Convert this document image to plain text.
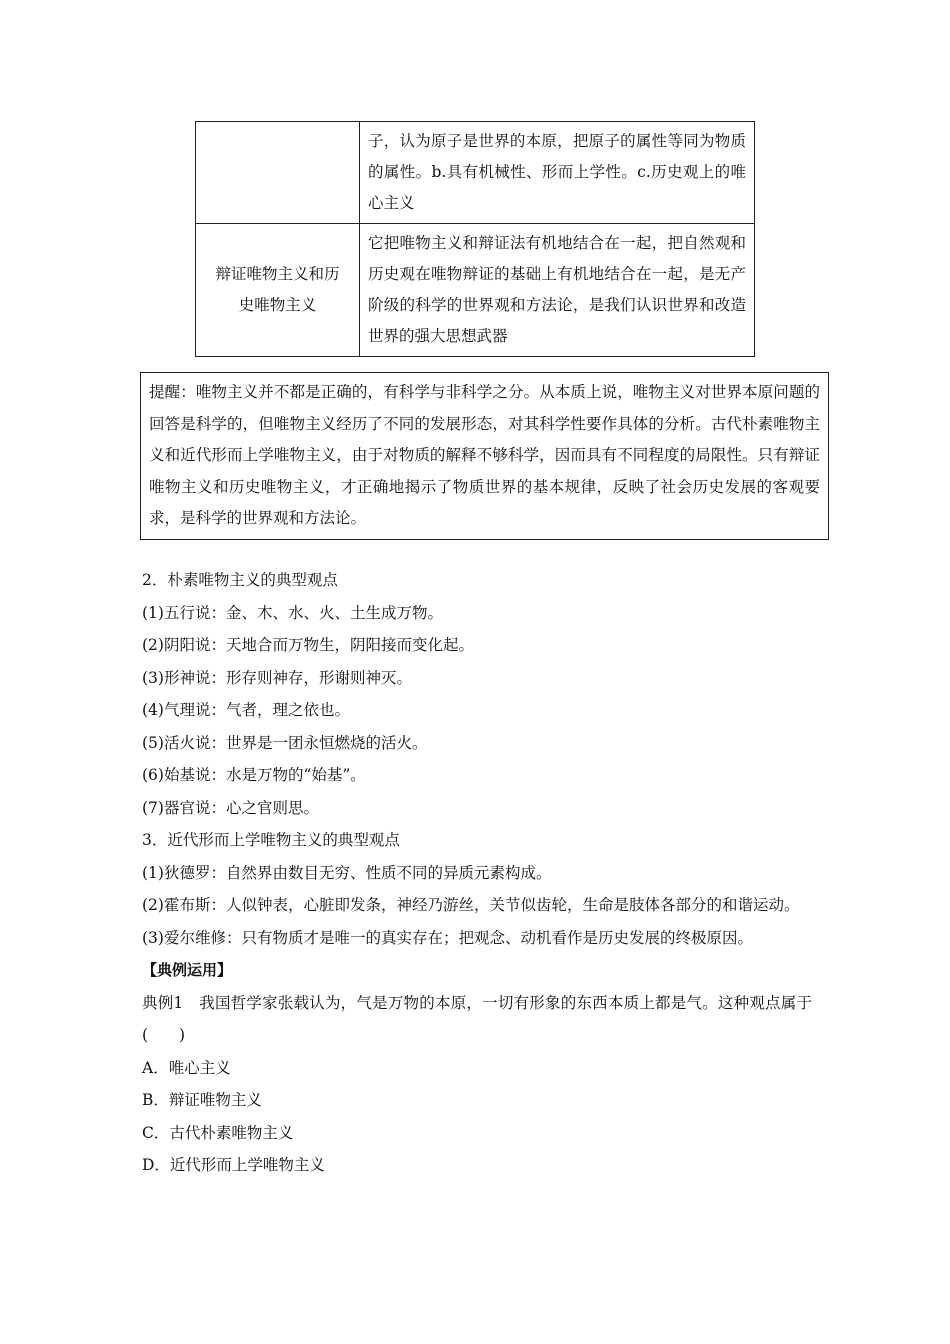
	子，认为原子是世界的本原，把原子的属性等同为物质的属性。b.具有机械性、形而上学性。c.历史观上的唯心主义
辩证唯物主义和历史唯物主义	它把唯物主义和辩证法有机地结合在一起，把自然观和历史观在唯物辩证的基础上有机地结合在一起，是无产阶级的科学的世界观和方法论，是我们认识世界和改造世界的强大思想武器
提醒：唯物主义并不都是正确的，有科学与非科学之分。从本质上说，唯物主义对世界本原问题的回答是科学的，但唯物主义经历了不同的发展形态，对其科学性要作具体的分析。古代朴素唯物主义和近代形而上学唯物主义，由于对物质的解释不够科学，因而具有不同程度的局限性。只有辩证唯物主义和历史唯物主义，才正确地揭示了物质世界的基本规律，反映了社会历史发展的客观要求，是科学的世界观和方法论。

2．朴素唯物主义的典型观点

(1)五行说：金、木、水、火、土生成万物。

(2)阴阳说：天地合而万物生，阴阳接而变化起。

(3)形神说：形存则神存，形谢则神灭。

(4)气理说：气者，理之依也。

(5)活火说：世界是一团永恒燃烧的活火。

(6)始基说：水是万物的“始基”。

(7)器官说：心之官则思。

3．近代形而上学唯物主义的典型观点

(1)狄德罗：自然界由数目无穷、性质不同的异质元素构成。

(2)霍布斯：人似钟表，心脏即发条，神经乃游丝，关节似齿轮，生命是肢体各部分的和谐运动。

(3)爱尔维修：只有物质才是唯一的真实存在；把观念、动机看作是历史发展的终极原因。

【典例运用】

典例1　我国哲学家张载认为，气是万物的本原，一切有形象的东西本质上都是气。这种观点属于(　　)

A．唯心主义

B．辩证唯物主义

C．古代朴素唯物主义

D．近代形而上学唯物主义
